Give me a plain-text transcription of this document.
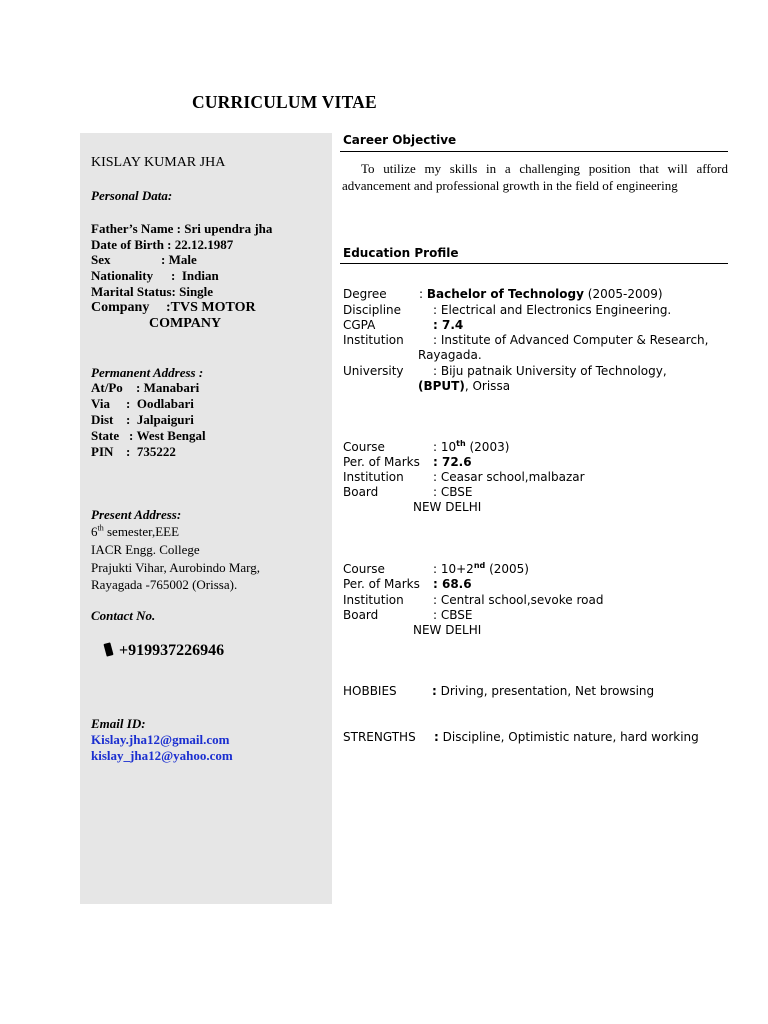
CURRICULUM VITAE
KISLAY KUMAR JHA
Personal Data:
Father’s Name : Sri upendra jha
Date of Birth : 22.12.1987
Sex	: Male
Nationality :  Indian
Marital Status: Single
Company :TVS MOTOR
COMPANY
Permanent Address :
At/Po : Manabari
Via :  Oodlabari
Dist :  Jalpaiguri
State : West Bengal
PIN :  735222
Present Address:
6th semester,EEE
IACR Engg. College
Prajukti Vihar, Aurobindo Marg,
Rayagada -765002 (Orissa).
Contact No.
+919937226946
Email ID:
Kislay.jha12@gmail.com
kislay_jha12@yahoo.com
Career Objective
To utilize my skills in a challenging position that will afford advancement and professional growth in the field of engineering
Education Profile
Degree	: Bachelor of Technology (2005-2009)
Discipline	: Electrical and Electronics Engineering.
CGPA	: 7.4
Institution : Institute of Advanced Computer & Research,
Rayagada.
University : Biju patnaik University of Technology,
(BPUT), Orissa
Course	: 10th (2003)
Per. of Marks : 72.6
Institution : Ceasar school,malbazar
Board	: CBSE
NEW DELHI
Course	: 10+2nd (2005)
Per. of Marks : 68.6
Institution : Central school,sevoke road
Board	: CBSE
NEW DELHI
HOBBIES	: Driving, presentation, Net browsing
STRENGTHS : Discipline, Optimistic nature, hard working
